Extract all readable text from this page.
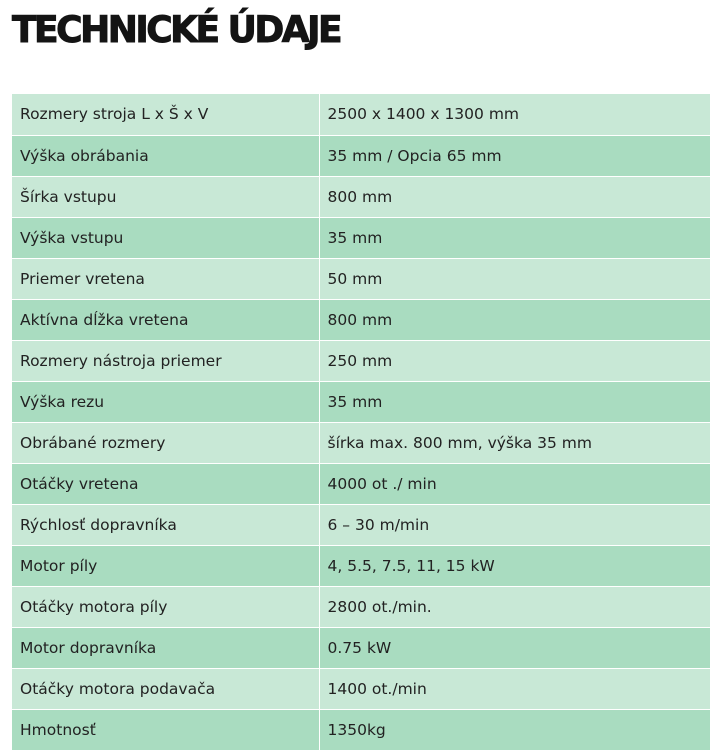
TECHNICKÉ ÚDAJE
Rozmery stroja L x Š x V	2500 x 1400 x 1300 mm
Výška obrábania	35 mm / Opcia 65 mm
Šírka vstupu	800 mm
Výška vstupu	35 mm
Priemer vretena	50 mm
Aktívna dĺžka vretena	800 mm
Rozmery nástroja priemer	250 mm
Výška rezu	35 mm
Obrábané rozmery	šírka max. 800 mm, výška 35 mm
Otáčky vretena	4000 ot ./ min
Rýchlosť dopravníka	6 – 30 m/min
Motor píly	4, 5.5, 7.5, 11, 15 kW
Otáčky motora píly	2800 ot./min.
Motor dopravníka	0.75 kW
Otáčky motora podavača	1400 ot./min
Hmotnosť	1350kg
